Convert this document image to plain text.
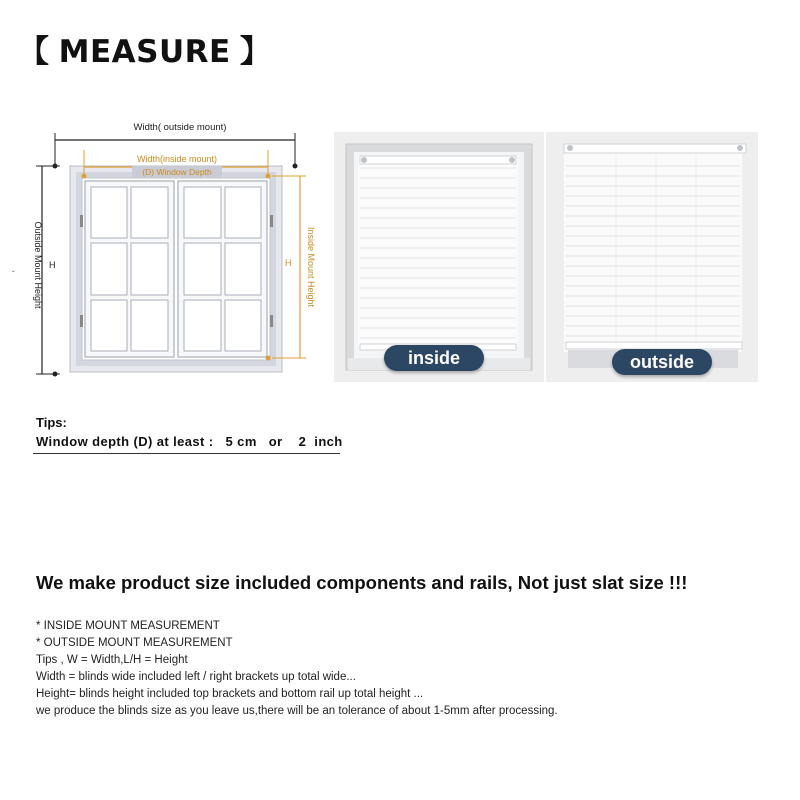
【 MEASURE 】
Width( outside mount)
Outside Mount Height H
ˇ
Width(inside mount)
(D) Window Depth
Inside Mount Height
H
inside	outside
Tips:
Window depth (D) at least :   5 cm   or    2  inch
We make product size included components and rails, Not just slat size !!!
* INSIDE MOUNT MEASUREMENT
* OUTSIDE MOUNT MEASUREMENT
Tips , W = Width,L/H = Height
Width = blinds wide included left / right brackets up total wide...
Height= blinds height included top brackets and bottom rail up total height ...
we produce the blinds size as you leave us,there will be an tolerance of about 1-5mm after processing.
